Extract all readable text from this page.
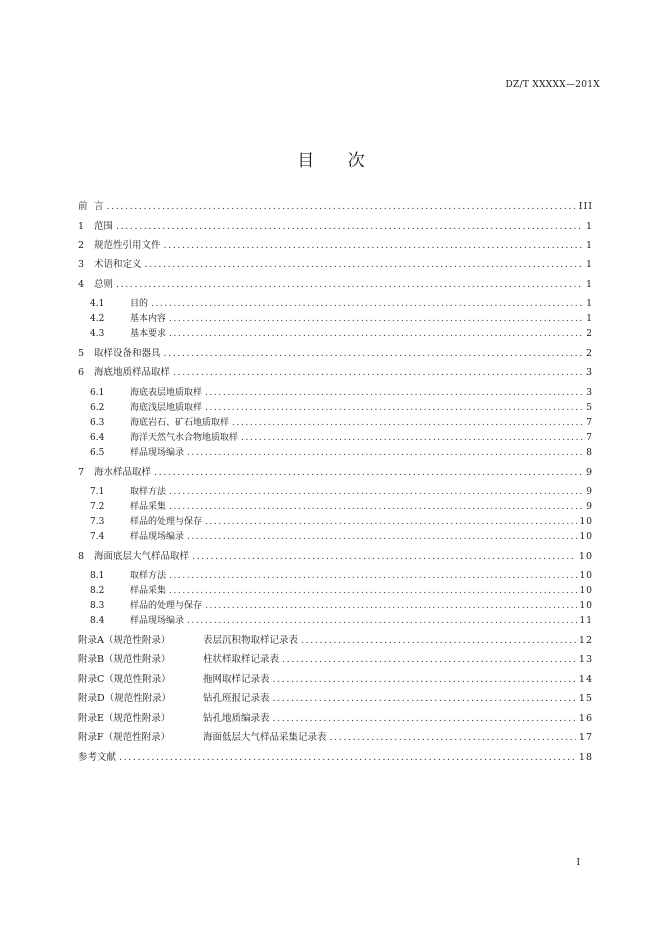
DZ/T XXXXX—201X
目 次
前 言 .....	III
1	范围 .....	1
2	规范性引用文件 .....	1
3	术语和定义 .....	1
4	总则 .....	1
4.1	目的 .....	1
4.2	基本内容 .....	1
4.3	基本要求 .....	2
5	取样设备和器具 .....	2
6	海底地质样品取样 .....	3
6.1	海底表层地质取样 .....	3
6.2	海底浅层地质取样 .....	5
6.3	海底岩石、矿石地质取样 .....	7
6.4	海洋天然气水合物地质取样 .....	7
6.5	样品现场编录 .....	8
7	海水样品取样 .....	9
7.1	取样方法 .....	9
7.2	样品采集 .....	9
7.3	样品的处理与保存 .....	10
7.4	样品现场编录 .....	10
8	海面底层大气样品取样 .....	10
8.1	取样方法 .....	10
8.2	样品采集 .....	10
8.3	样品的处理与保存 .....	10
8.4	样品现场编录 .....	11
附录A（规范性附录）	表层沉积物取样记录表 .....	12
附录B（规范性附录）	柱状样取样记录表 .....	13
附录C（规范性附录）	拖网取样记录表 .....	14
附录D（规范性附录）	钻孔班报记录表 .....	15
附录E（规范性附录）	钻孔地质编录表 .....	16
附录F（规范性附录）	海面低层大气样品采集记录表 .....	17
参考文献 .....	18
I
